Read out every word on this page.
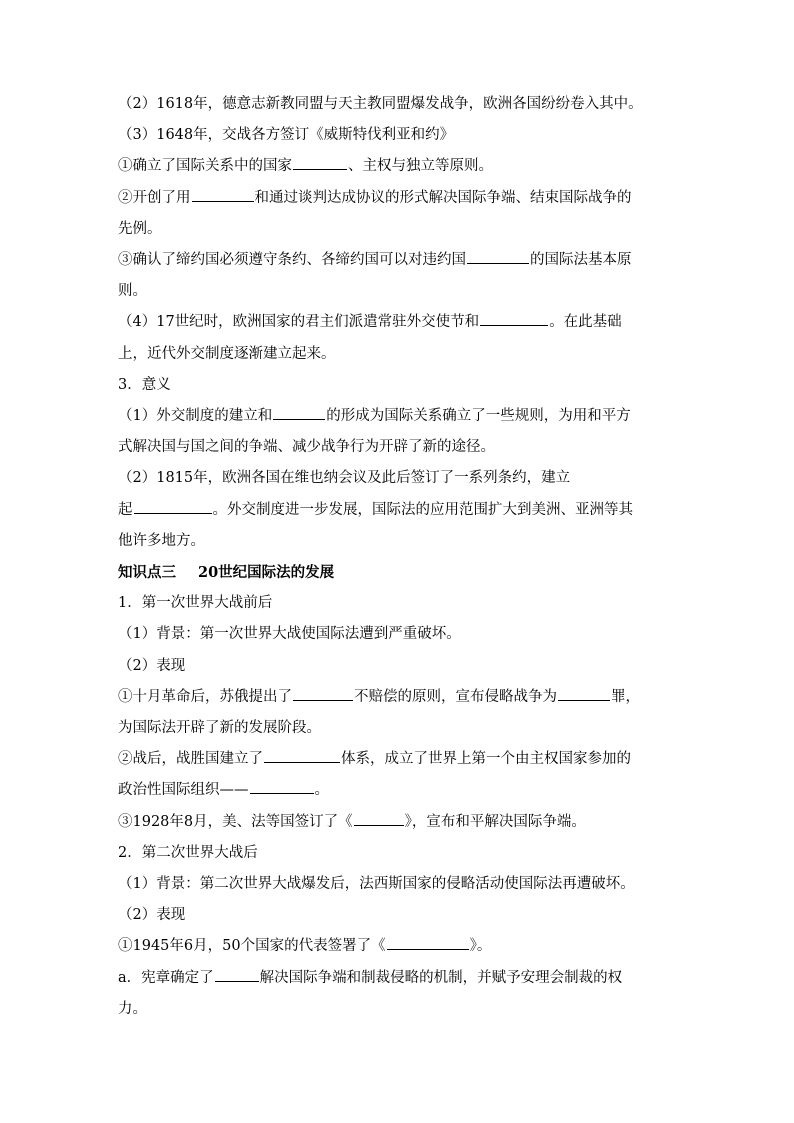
（2）1618年，德意志新教同盟与天主教同盟爆发战争，欧洲各国纷纷卷入其中。
（3）1648年，交战各方签订《威斯特伐利亚和约》
①确立了国际关系中的国家	、主权与独立等原则。
②开创了用	和通过谈判达成协议的形式解决国际争端、结束国际战争的
先例。
③确认了缔约国必须遵守条约、各缔约国可以对违约国	的国际法基本原
则。
（4）17世纪时，欧洲国家的君主们派遣常驻外交使节和	。在此基础
上，近代外交制度逐渐建立起来。
3．意义
（1）外交制度的建立和	的形成为国际关系确立了一些规则，为用和平方
式解决国与国之间的争端、减少战争行为开辟了新的途径。
（2）1815年，欧洲各国在维也纳会议及此后签订了一系列条约，建立
起	。外交制度进一步发展，国际法的应用范围扩大到美洲、亚洲等其
他许多地方。
知识点三 20世纪国际法的发展
1．第一次世界大战前后
（1）背景：第一次世界大战使国际法遭到严重破坏。
（2）表现
①十月革命后，苏俄提出了	不赔偿的原则，宣布侵略战争为	罪，
为国际法开辟了新的发展阶段。
②战后，战胜国建立了	体系，成立了世界上第一个由主权国家参加的
政治性国际组织——	。
③1928年8月，美、法等国签订了《	》，宣布和平解决国际争端。
2．第二次世界大战后
（1）背景：第二次世界大战爆发后，法西斯国家的侵略活动使国际法再遭破坏。
（2）表现
①1945年6月，50个国家的代表签署了《	》。
a．宪章确定了	解决国际争端和制裁侵略的机制，并赋予安理会制裁的权
力。
